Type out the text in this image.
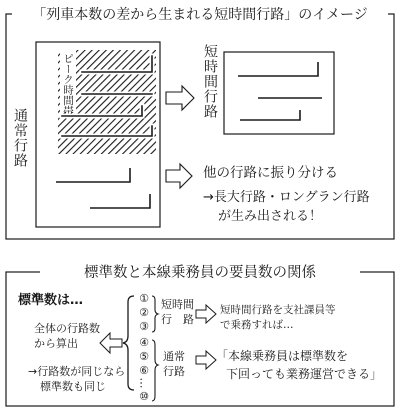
「列車本数の差から生まれる短時間行路」のイメージ
通常行路
ピーク時間帯	短時間行路
他の行路に振り分ける
→長大行路・ロングラン行路
が生み出される！
標準数と本線乗務員の要員数の関係
標準数は…
全体の行路数
から算出
→行路数が同じなら
標準数も同じ
①
②
③
④
⑤
⑥
…
⑩
短時間
行　路
通常
行路
短時間行路を支社課員等
で乗務すれば…
「本線乗務員は標準数を
下回っても業務運営できる」
